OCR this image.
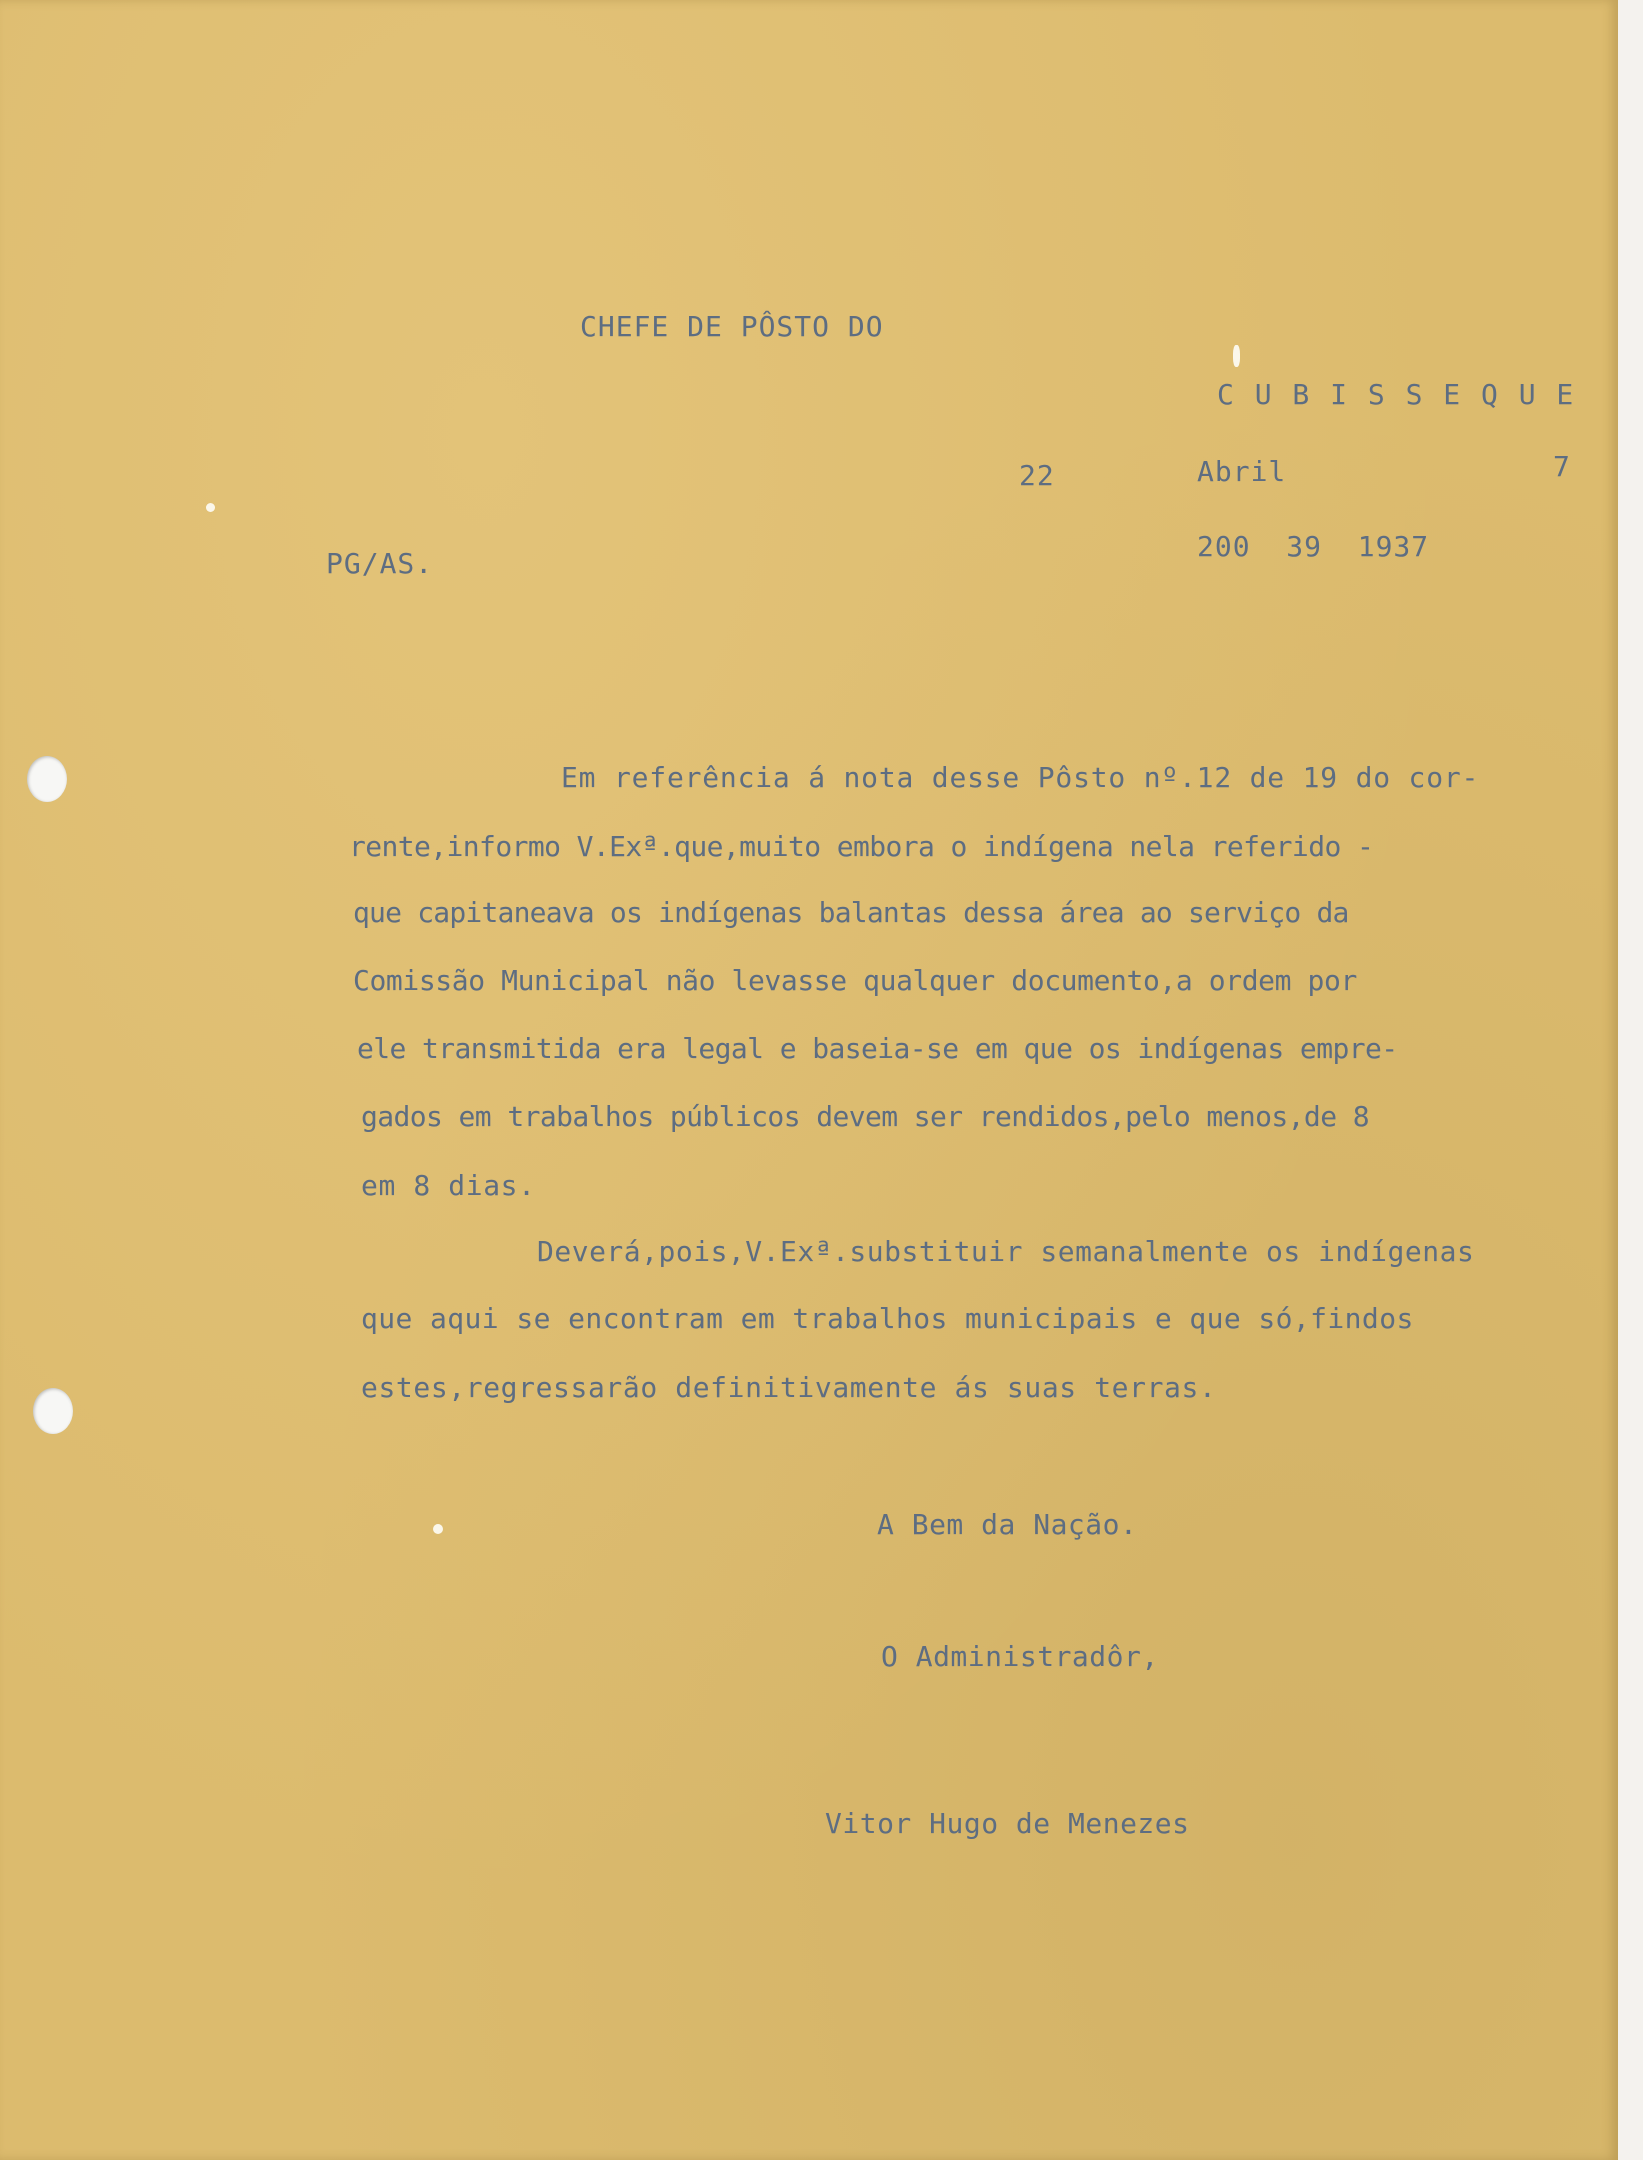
CHEFE DE PÔSTO DO
C U B I S S E Q U E
22	Abril	7
PG/AS.
200  39  1937
Em referência á nota desse Pôsto nº.12 de 19 do cor-
rente,informo V.Exª.que,muito embora o indígena nela referido -
que capitaneava os indígenas balantas dessa área ao serviço da
Comissão Municipal não levasse qualquer documento,a ordem por
ele transmitida era legal e baseia-se em que os indígenas empre-
gados em trabalhos públicos devem ser rendidos,pelo menos,de 8
em 8 dias.
Deverá,pois,V.Exª.substituir semanalmente os indígenas
que aqui se encontram em trabalhos municipais e que só,findos
estes,regressarão definitivamente ás suas terras.
A Bem da Nação.
O Administradôr,
Vitor Hugo de Menezes
